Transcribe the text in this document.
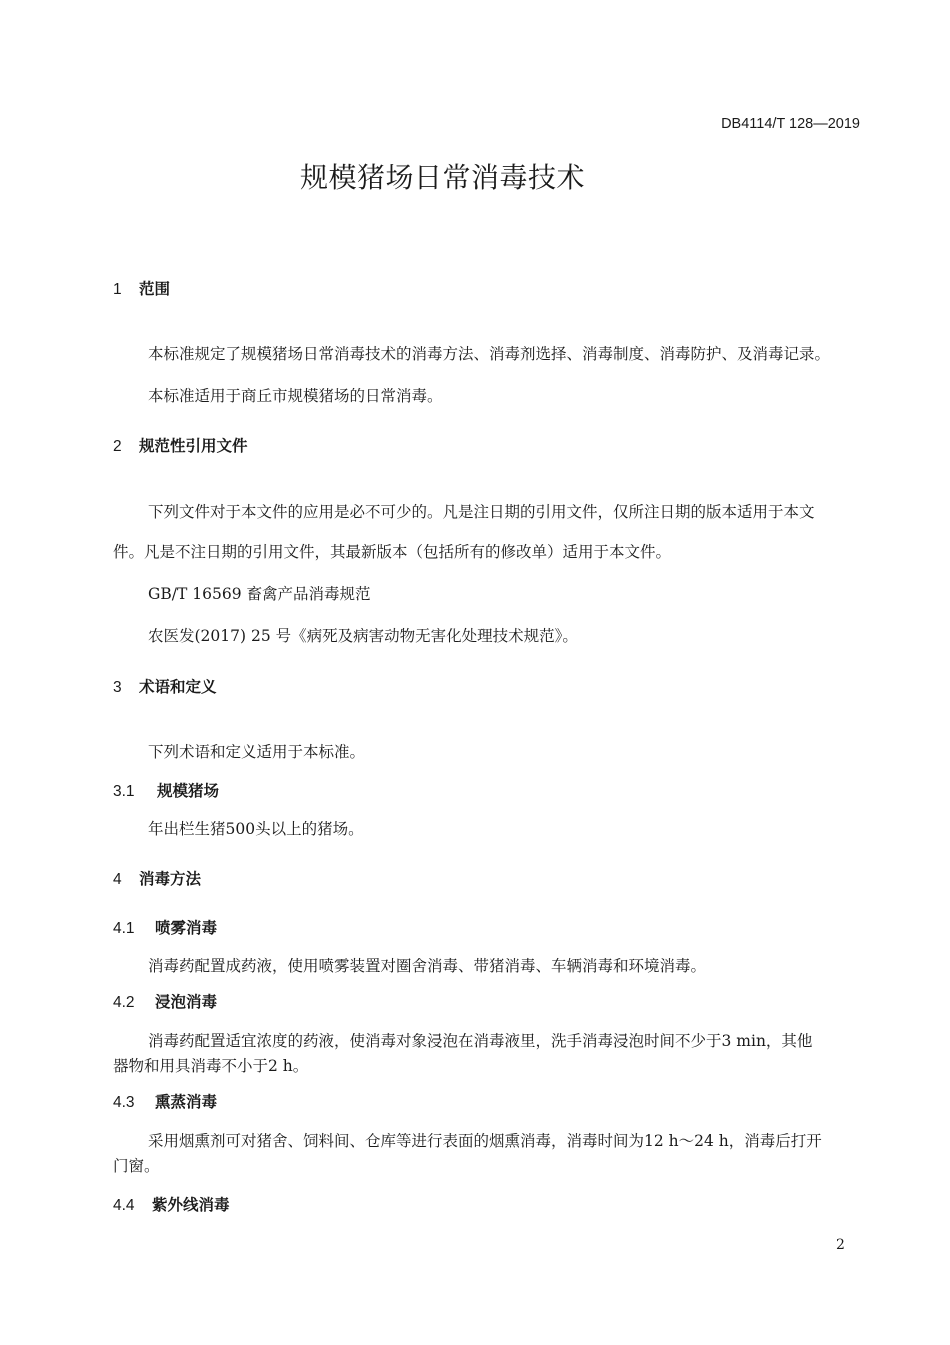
DB4114/T 128—2019
规模猪场日常消毒技术
1 范围
本标准规定了规模猪场日常消毒技术的消毒方法、消毒剂选择、消毒制度、消毒防护、及消毒记录。
本标准适用于商丘市规模猪场的日常消毒。
2 规范性引用文件
下列文件对于本文件的应用是必不可少的。凡是注日期的引用文件，仅所注日期的版本适用于本文
件。凡是不注日期的引用文件，其最新版本（包括所有的修改单）适用于本文件。
GB/T 16569 畜禽产品消毒规范
农医发(2017) 25 号《病死及病害动物无害化处理技术规范》。
3 术语和定义
下列术语和定义适用于本标准。
3.1 规模猪场
年出栏生猪500头以上的猪场。
4 消毒方法
4.1 喷雾消毒
消毒药配置成药液，使用喷雾装置对圈舍消毒、带猪消毒、车辆消毒和环境消毒。
4.2 浸泡消毒
消毒药配置适宜浓度的药液，使消毒对象浸泡在消毒液里，洗手消毒浸泡时间不少于3 min，其他
器物和用具消毒不小于2 h。
4.3 熏蒸消毒
采用烟熏剂可对猪舍、饲料间、仓库等进行表面的烟熏消毒，消毒时间为12 h～24 h，消毒后打开
门窗。
4.4 紫外线消毒
2
